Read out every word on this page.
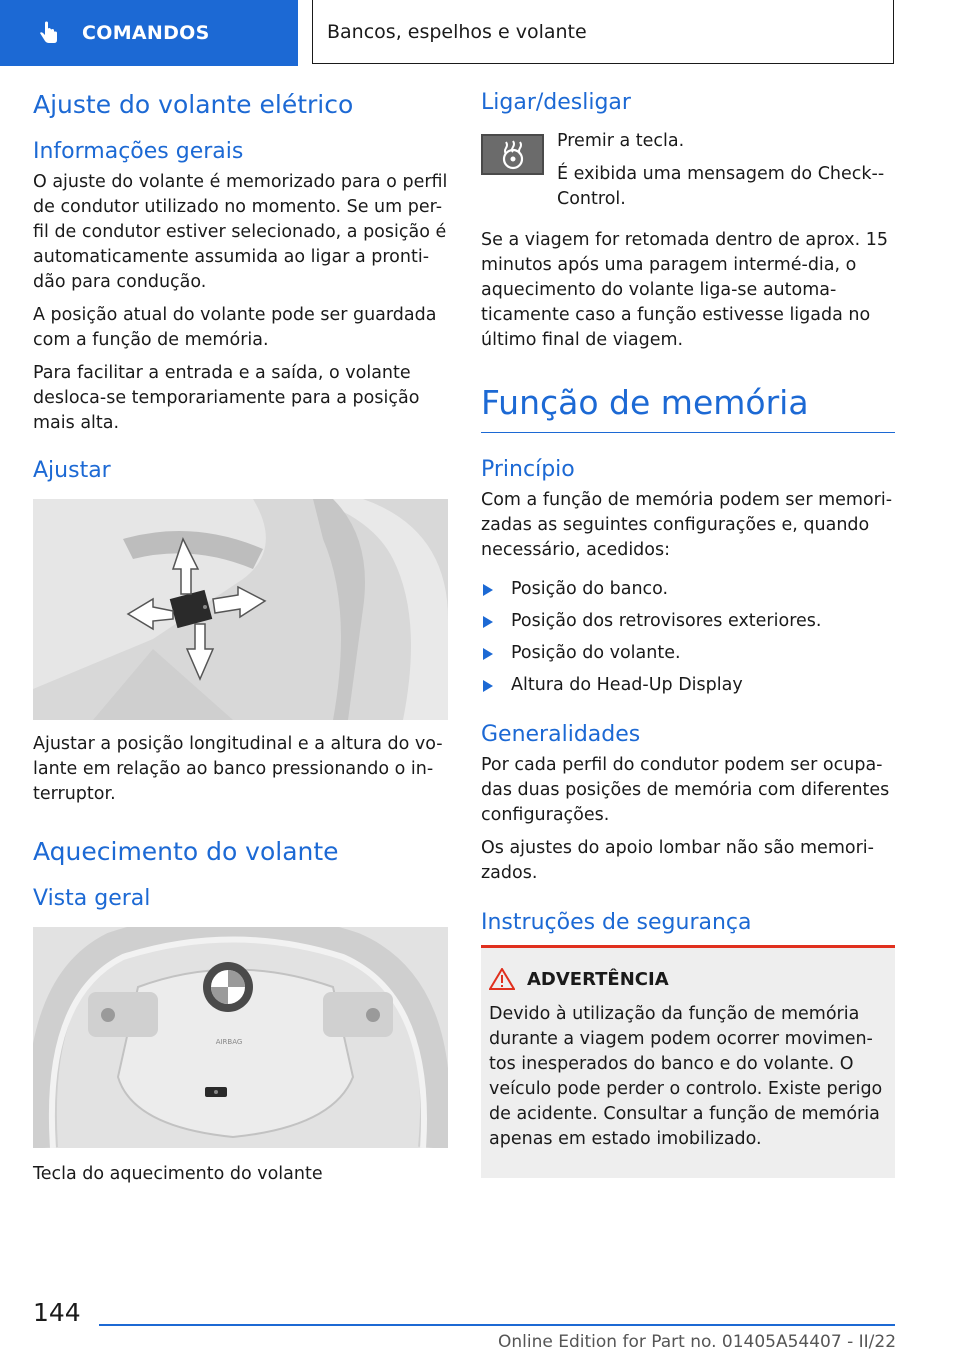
COMANDOS	Bancos, espelhos e volante
Ajuste do volante elétrico
Informações gerais

O ajuste do volante é memorizado para o perfil de condutor utilizado no momento. Se um per-fil de condutor estiver selecionado, a posição é automaticamente assumida ao ligar a pronti-dão para condução.

A posição atual do volante pode ser guardada com a função de memória.

Para facilitar a entrada e a saída, o volante desloca-se temporariamente para a posição mais alta.

Ajustar

Ajustar a posição longitudinal e a altura do vo-lante em relação ao banco pressionando o in-terruptor.

Aquecimento do volante
Vista geral
AIRBAG

Tecla do aquecimento do volante

Ligar/desligar

Premir a tecla.

É exibida uma mensagem do Check--Control.

Se a viagem for retomada dentro de aprox. 15 minutos após uma paragem intermé-dia, o aquecimento do volante liga-se automa-ticamente caso a função estivesse ligada no último final de viagem.

Função de memória
Princípio

Com a função de memória podem ser memori-zadas as seguintes configurações e, quando necessário, acedidos:

Posição do banco.
Posição dos retrovisores exteriores.
Posição do volante.
Altura do Head-Up Display
Generalidades

Por cada perfil do condutor podem ser ocupa-das duas posições de memória com diferentes configurações.

Os ajustes do apoio lombar não são memori-zados.

Instruções de segurança
ADVERTÊNCIA

Devido à utilização da função de memória durante a viagem podem ocorrer movimen-tos inesperados do banco e do volante. O veículo pode perder o controlo. Existe perigo de acidente. Consultar a função de memória apenas em estado imobilizado.

144
Online Edition for Part no. 01405A54407 - II/22
